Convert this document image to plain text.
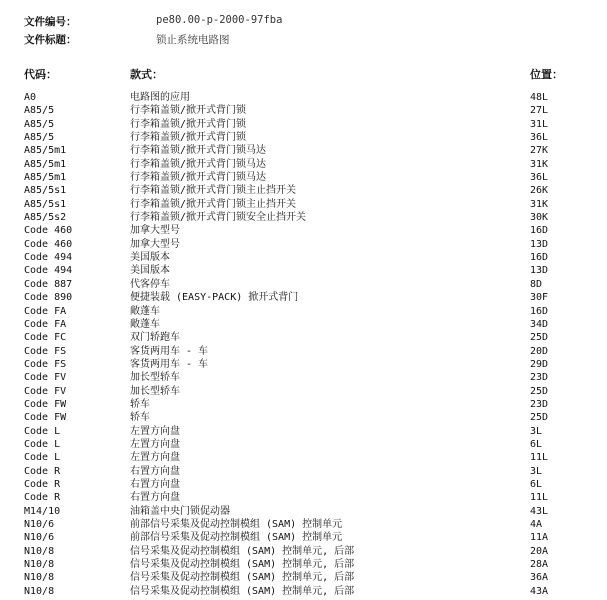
文件编号：	pe80.00-p-2000-97fba
文件标题：	锁止系统电路图
代码：	款式：	位置：
A0	电路图的应用	48L
A85/5	行李箱盖锁/掀开式背门锁	27L
A85/5	行李箱盖锁/掀开式背门锁	31L
A85/5	行李箱盖锁/掀开式背门锁	36L
A85/5m1	行李箱盖锁/掀开式背门锁马达	27K
A85/5m1	行李箱盖锁/掀开式背门锁马达	31K
A85/5m1	行李箱盖锁/掀开式背门锁马达	36L
A85/5s1	行李箱盖锁/掀开式背门锁主止挡开关	26K
A85/5s1	行李箱盖锁/掀开式背门锁主止挡开关	31K
A85/5s2	行李箱盖锁/掀开式背门锁安全止挡开关	30K
Code 460	加拿大型号	16D
Code 460	加拿大型号	13D
Code 494	美国版本	16D
Code 494	美国版本	13D
Code 887	代客停车	8D
Code 890	便捷装载 (EASY-PACK) 掀开式背门	30F
Code FA	敞蓬车	16D
Code FA	敞蓬车	34D
Code FC	双门轿跑车	25D
Code FS	客货两用车 - 车	20D
Code FS	客货两用车 - 车	29D
Code FV	加长型轿车	23D
Code FV	加长型轿车	25D
Code FW	轿车	23D
Code FW	轿车	25D
Code L	左置方向盘	3L
Code L	左置方向盘	6L
Code L	左置方向盘	11L
Code R	右置方向盘	3L
Code R	右置方向盘	6L
Code R	右置方向盘	11L
M14/10	油箱盖中央门锁促动器	43L
N10/6	前部信号采集及促动控制模组 (SAM) 控制单元	4A
N10/6	前部信号采集及促动控制模组 (SAM) 控制单元	11A
N10/8	信号采集及促动控制模组 (SAM) 控制单元, 后部	20A
N10/8	信号采集及促动控制模组 (SAM) 控制单元, 后部	28A
N10/8	信号采集及促动控制模组 (SAM) 控制单元, 后部	36A
N10/8	信号采集及促动控制模组 (SAM) 控制单元, 后部	43A
